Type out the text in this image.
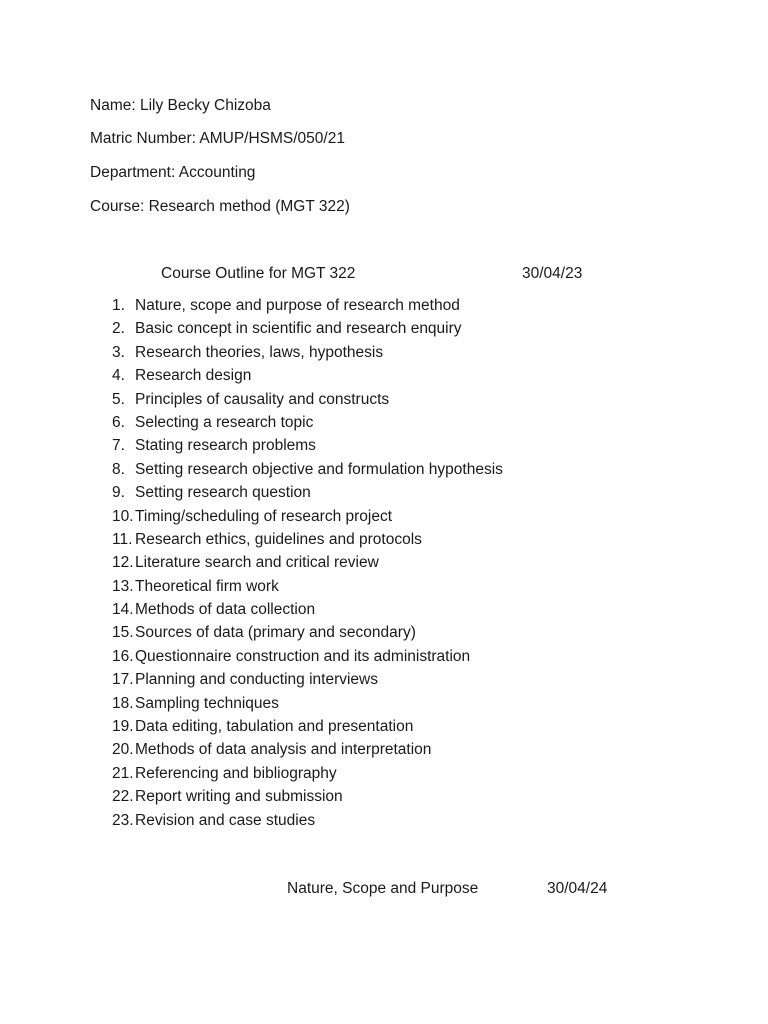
Name: Lily Becky Chizoba
Matric Number: AMUP/HSMS/050/21
Department: Accounting
Course: Research method (MGT 322)
Course Outline for MGT 322	30/04/23
1. Nature, scope and purpose of research method
2. Basic concept in scientific and research enquiry
3. Research theories, laws, hypothesis
4. Research design
5. Principles of causality and constructs
6. Selecting a research topic
7. Stating research problems
8. Setting research objective and formulation hypothesis
9. Setting research question
10.Timing/scheduling of research project
11. Research ethics, guidelines and protocols
12.Literature search and critical review
13.Theoretical firm work
14.Methods of data collection
15.Sources of data (primary and secondary)
16.Questionnaire construction and its administration
17.Planning and conducting interviews
18.Sampling techniques
19.Data editing, tabulation and presentation
20.Methods of data analysis and interpretation
21.Referencing and bibliography
22.Report writing and submission
23.Revision and case studies
Nature, Scope and Purpose	30/04/24
